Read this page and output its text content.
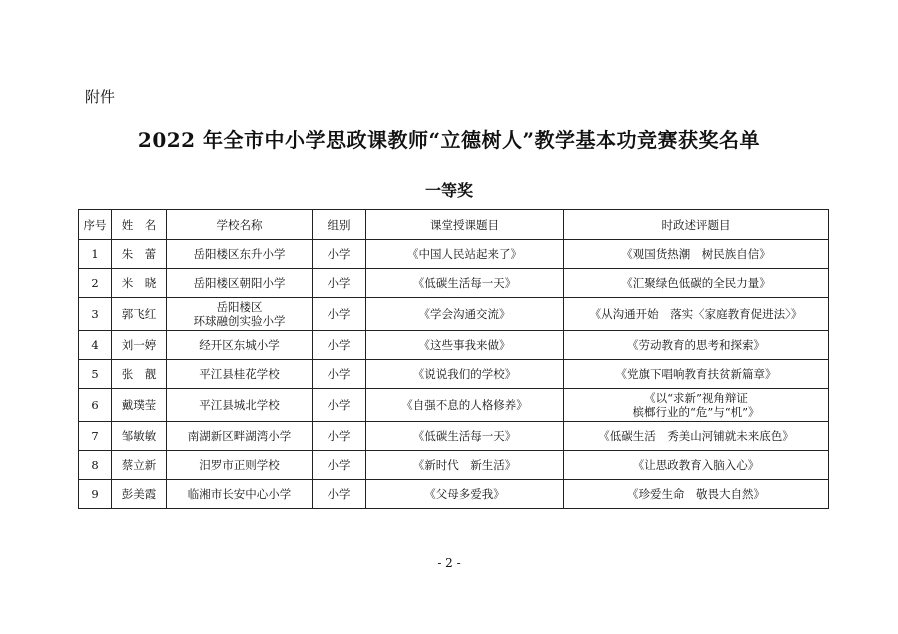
附件
2022 年全市中小学思政课教师“立德树人”教学基本功竞赛获奖名单
一等奖
序号	姓　名	学校名称	组别	课堂授课题目	时政述评题目
1	朱　蕾	岳阳楼区东升小学	小学	《中国人民站起来了》	《观国货热潮　树民族自信》
2	米　晓	岳阳楼区朝阳小学	小学	《低碳生活每一天》	《汇聚绿色低碳的全民力量》
3	郭飞红	岳阳楼区
环球融创实验小学	小学	《学会沟通交流》	《从沟通开始　落实〈家庭教育促进法〉》
4	刘一婷	经开区东城小学	小学	《这些事我来做》	《劳动教育的思考和探索》
5	张　靓	平江县桂花学校	小学	《说说我们的学校》	《党旗下唱响教育扶贫新篇章》
6	戴璞莹	平江县城北学校	小学	《自强不息的人格修养》	《以“求新”视角辩证
槟榔行业的“危”与“机”》
7	邹敏敏	南湖新区畔湖湾小学	小学	《低碳生活每一天》	《低碳生活　秀美山河铺就未来底色》
8	蔡立新	汨罗市正则学校	小学	《新时代　新生活》	《让思政教育入脑入心》
9	彭美霞	临湘市长安中心小学	小学	《父母多爱我》	《珍爱生命　敬畏大自然》
- 2 -
